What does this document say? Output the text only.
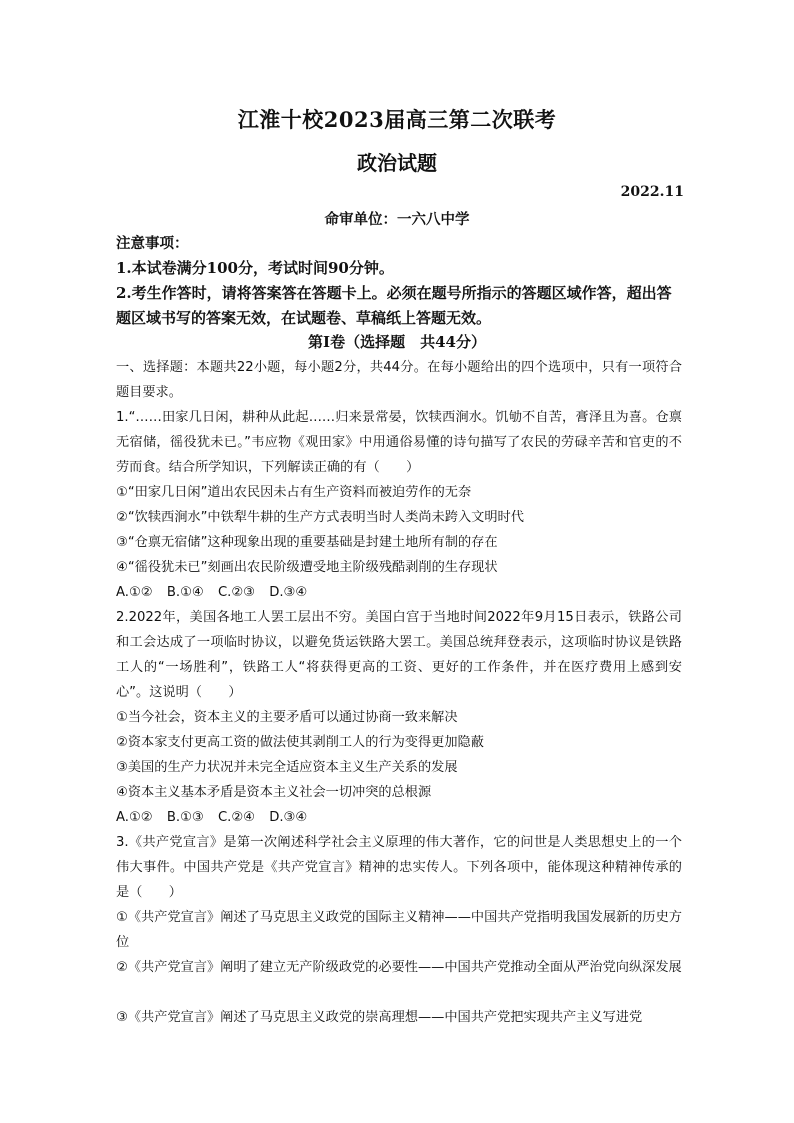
江淮十校2023届高三第二次联考
政治试题
2022.11
命审单位：一六八中学
注意事项：
1.本试卷满分100分，考试时间90分钟。
2.考生作答时，请将答案答在答题卡上。必须在题号所指示的答题区域作答，超出答题区域书写的答案无效，在试题卷、草稿纸上答题无效。
第Ⅰ卷（选择题　共44分）
一、选择题：本题共22小题，每小题2分，共44分。在每小题给出的四个选项中，只有一项符合题目要求。
1.“……田家几日闲，耕种从此起……归来景常晏，饮犊西涧水。饥劬不自苦，膏泽且为喜。仓禀无宿储，徭役犹未已。”韦应物《观田家》中用通俗易懂的诗句描写了农民的劳碌辛苦和官吏的不劳而食。结合所学知识，下列解读正确的有（　　）
①“田家几日闲”道出农民因未占有生产资料而被迫劳作的无奈
②“饮犊西涧水”中铁犁牛耕的生产方式表明当时人类尚未跨入文明时代
③“仓禀无宿储”这种现象出现的重要基础是封建土地所有制的存在
④“徭役犹未已”刻画出农民阶级遭受地主阶级残酷剥削的生存现状
A.①② B.①④ C.②③ D.③④
2.2022年，美国各地工人罢工层出不穷。美国白宫于当地时间2022年9月15日表示，铁路公司和工会达成了一项临时协议，以避免货运铁路大罢工。美国总统拜登表示，这项临时协议是铁路工人的“一场胜利”，铁路工人“将获得更高的工资、更好的工作条件，并在医疗费用上感到安心”。这说明（　　）
①当今社会，资本主义的主要矛盾可以通过协商一致来解决
②资本家支付更高工资的做法使其剥削工人的行为变得更加隐蔽
③美国的生产力状况并未完全适应资本主义生产关系的发展
④资本主义基本矛盾是资本主义社会一切冲突的总根源
A.①② B.①③ C.②④ D.③④
3.《共产党宣言》是第一次阐述科学社会主义原理的伟大著作，它的问世是人类思想史上的一个伟大事件。中国共产党是《共产党宣言》精神的忠实传人。下列各项中，能体现这种精神传承的是（　　）
①《共产党宣言》阐述了马克思主义政党的国际主义精神——中国共产党指明我国发展新的历史方位
②《共产党宣言》阐明了建立无产阶级政党的必要性——中国共产党推动全面从严治党向纵深发展
③《共产党宣言》阐述了马克思主义政党的崇高理想——中国共产党把实现共产主义写进党
